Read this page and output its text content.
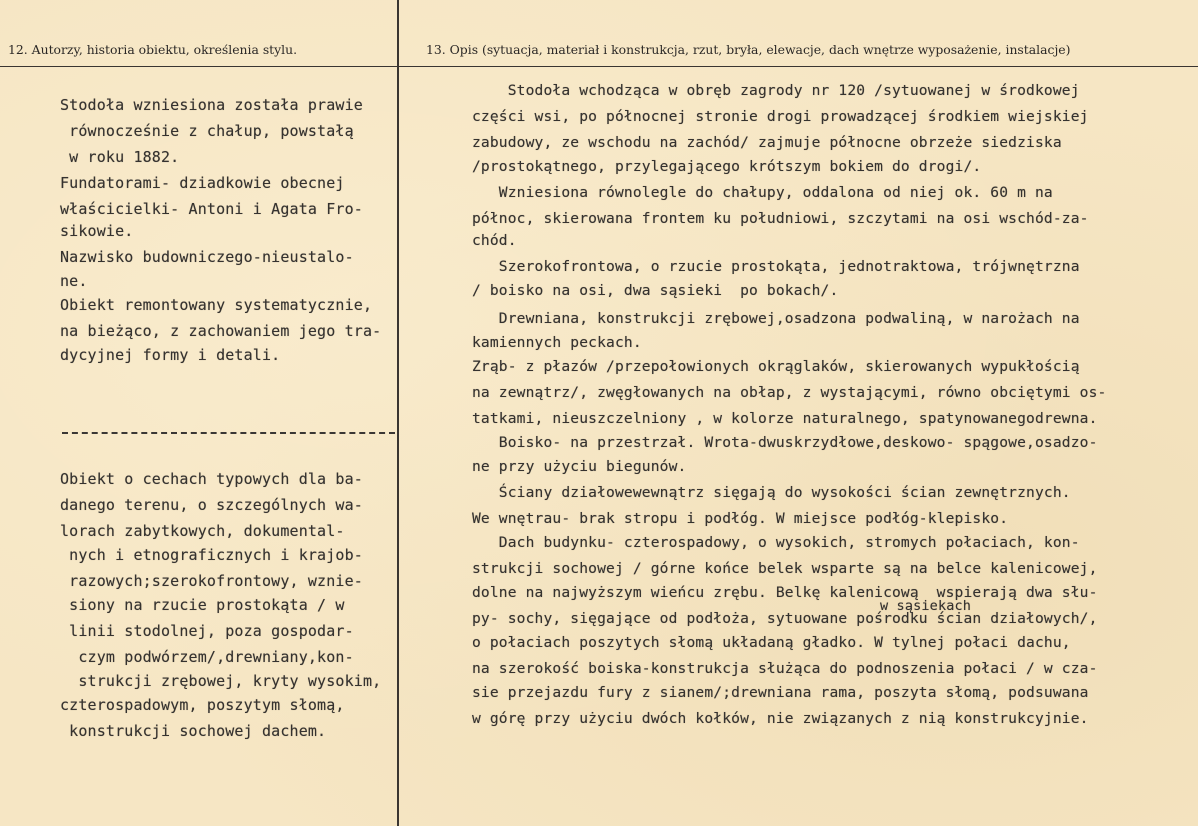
12. Autorzy, historia obiektu, określenia stylu.	13. Opis (sytuacja, materiał i konstrukcja, rzut, bryła, elewacje, dach wnętrze wyposażenie, instalacje)
Stodoła wzniesiona została prawie
równocześnie z chałup, powstałą
w roku 1882.
Fundatorami- dziadkowie obecnej
właścicielki- Antoni i Agata Fro-
sikowie.
Nazwisko budowniczego-nieustalo-
ne.
Obiekt remontowany systematycznie,
na bieżąco, z zachowaniem jego tra-
dycyjnej formy i detali.
Obiekt o cechach typowych dla ba-
danego terenu, o szczególnych wa-
lorach zabytkowych, dokumental-
nych i etnograficznych i krajob-
razowych;szerokofrontowy, wznie-
siony na rzucie prostokąta / w
linii stodolnej, poza gospodar-
czym podwórzem/,drewniany,kon-
strukcji zrębowej, kryty wysokim,
czterospadowym, poszytym słomą,
konstrukcji sochowej dachem.
Stodoła wchodząca w obręb zagrody nr 120 /sytuowanej w środkowej
części wsi, po północnej stronie drogi prowadzącej środkiem wiejskiej
zabudowy, ze wschodu na zachód/ zajmuje północne obrzeże siedziska
/prostokątnego, przylegającego krótszym bokiem do drogi/.
Wzniesiona równolegle do chałupy, oddalona od niej ok. 60 m na
północ, skierowana frontem ku południowi, szczytami na osi wschód-za-
chód.
Szerokofrontowa, o rzucie prostokąta, jednotraktowa, trójwnętrzna
/ boisko na osi, dwa sąsieki  po bokach/.
Drewniana, konstrukcji zrębowej,osadzona podwaliną, w narożach na
kamiennych peckach.
Zrąb- z płazów /przepołowionych okrąglaków, skierowanych wypukłością
na zewnątrz/, zwęgłowanych na obłap, z wystającymi, równo obciętymi os-
tatkami, nieuszczelniony , w kolorze naturalnego, spatynowanegodrewna.
Boisko- na przestrzał. Wrota-dwuskrzydłowe,deskowo- spągowe,osadzo-
ne przy użyciu biegunów.
Ściany działowewewnątrz sięgają do wysokości ścian zewnętrznych.
We wnętrau- brak stropu i podłóg. W miejsce podłóg-klepisko.
Dach budynku- czterospadowy, o wysokich, stromych połaciach, kon-
strukcji sochowej / górne końce belek wsparte są na belce kalenicowej,
dolne na najwyższym wieńcu zrębu. Belkę kalenicową  wspierają dwa słu-
w sąsiekach
py- sochy, sięgające od podłoża, sytuowane pośrodku ścian działowych/,
o połaciach poszytych słomą układaną gładko. W tylnej połaci dachu,
na szerokość boiska-konstrukcja służąca do podnoszenia połaci / w cza-
sie przejazdu fury z sianem/;drewniana rama, poszyta słomą, podsuwana
w górę przy użyciu dwóch kołków, nie związanych z nią konstrukcyjnie.
